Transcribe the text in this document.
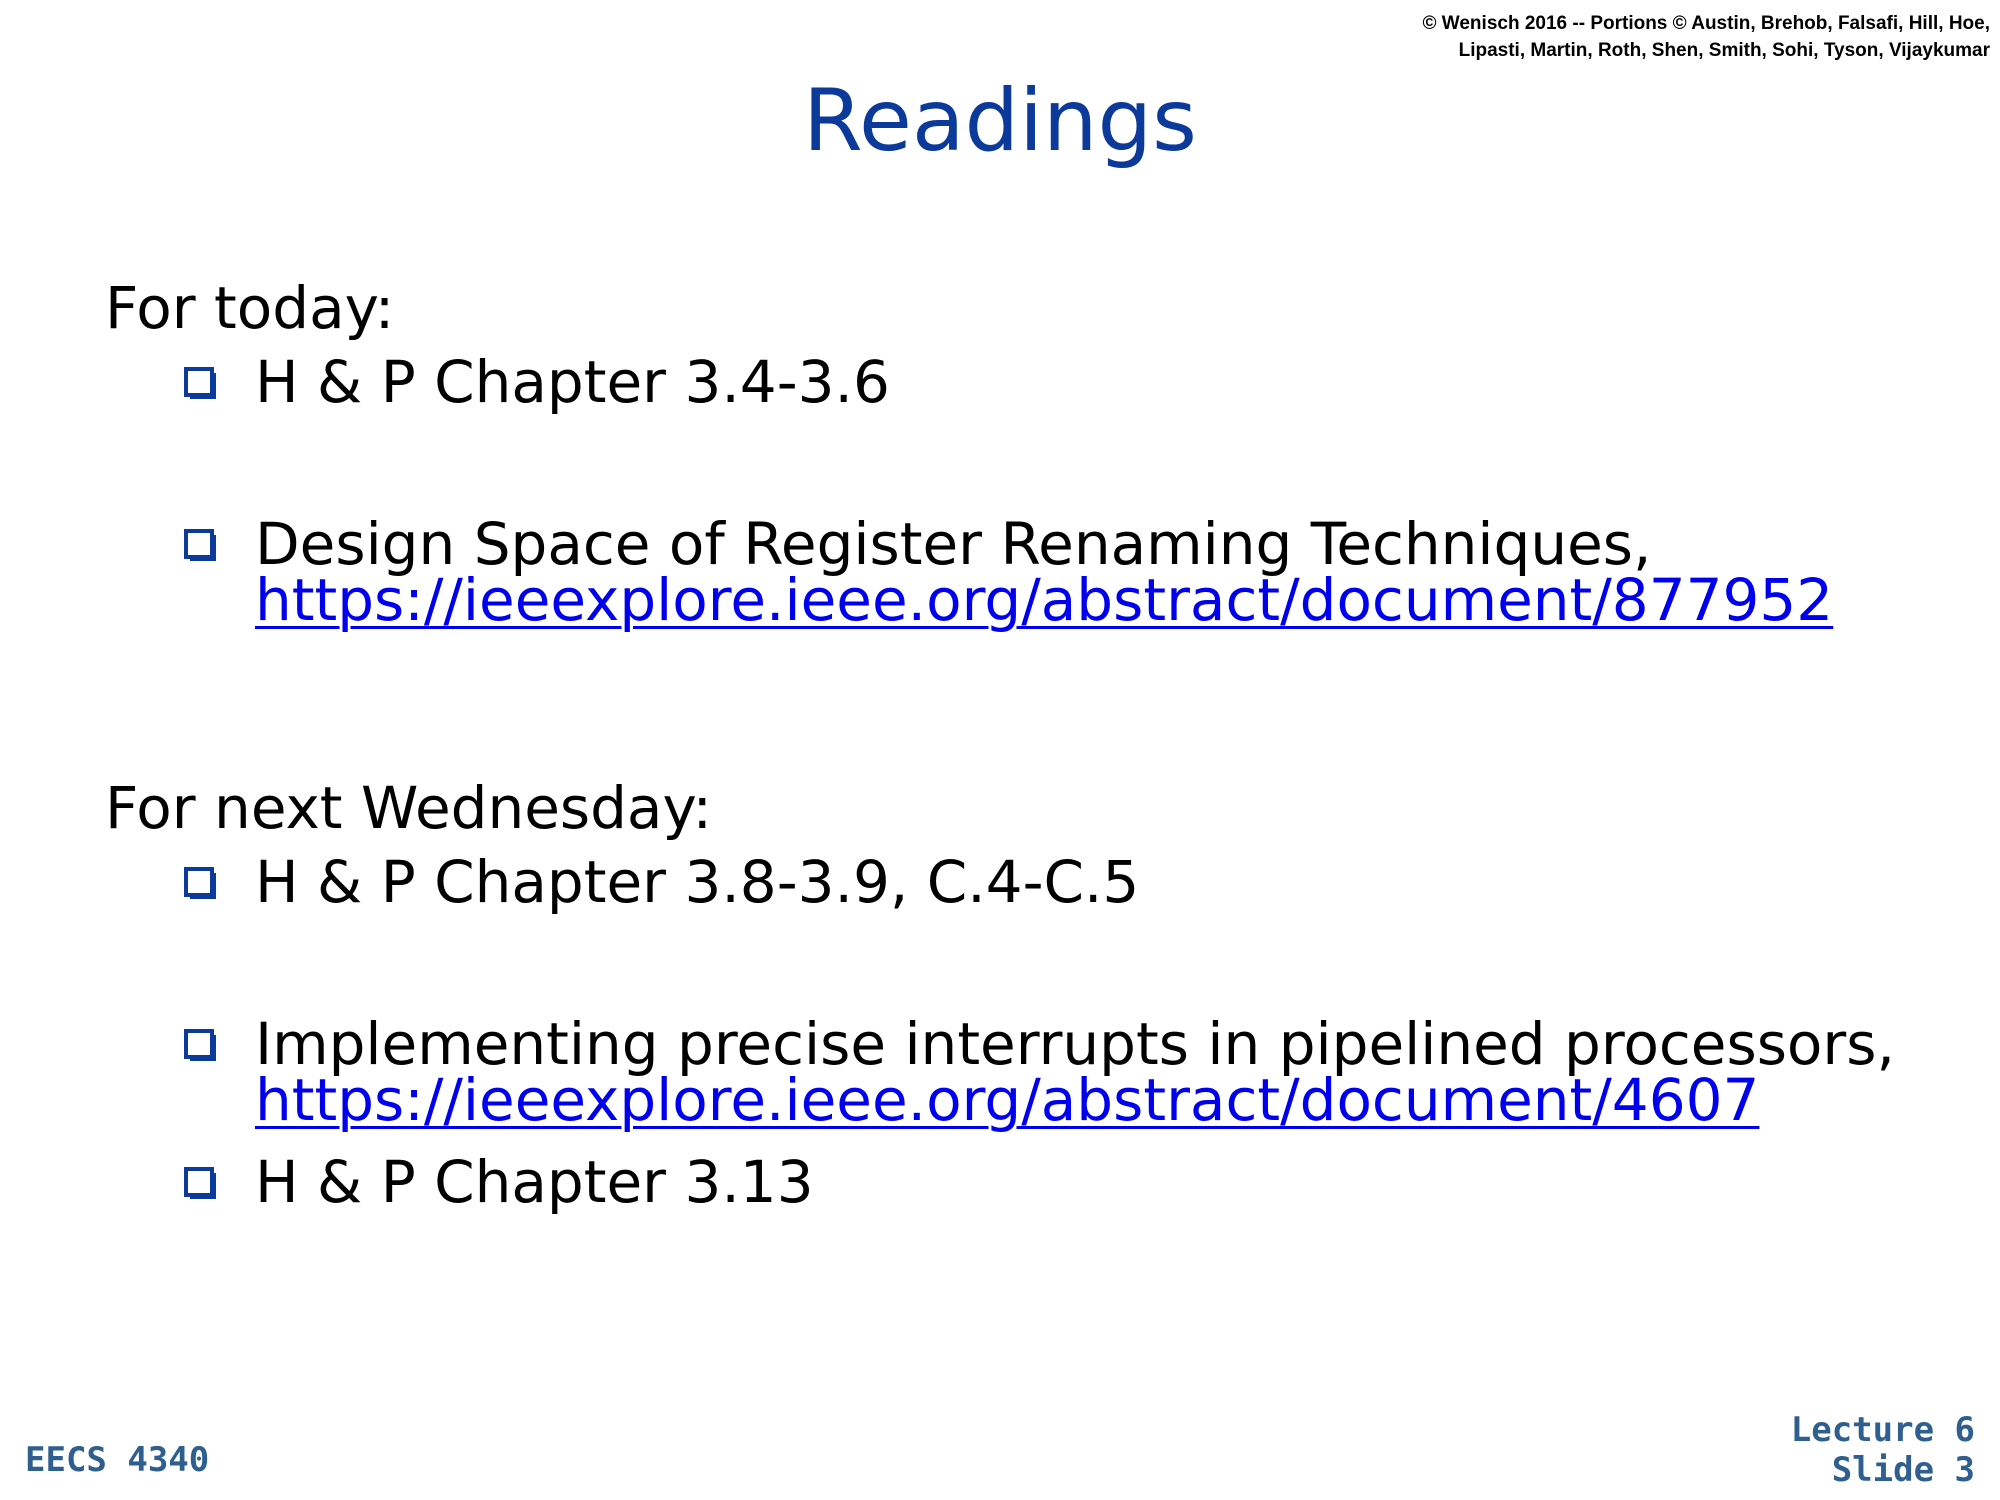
© Wenisch 2016 -- Portions © Austin, Brehob, Falsafi, Hill, Hoe,
Lipasti, Martin, Roth, Shen, Smith, Sohi, Tyson, Vijaykumar
Readings
For today:
H & P Chapter 3.4-3.6
Design Space of Register Renaming Techniques,
https://ieeexplore.ieee.org/abstract/document/877952
For next Wednesday:
H & P Chapter 3.8-3.9, C.4-C.5
Implementing precise interrupts in pipelined processors,
https://ieeexplore.ieee.org/abstract/document/4607
H & P Chapter 3.13
EECS 4340
Lecture 6
Slide 3
